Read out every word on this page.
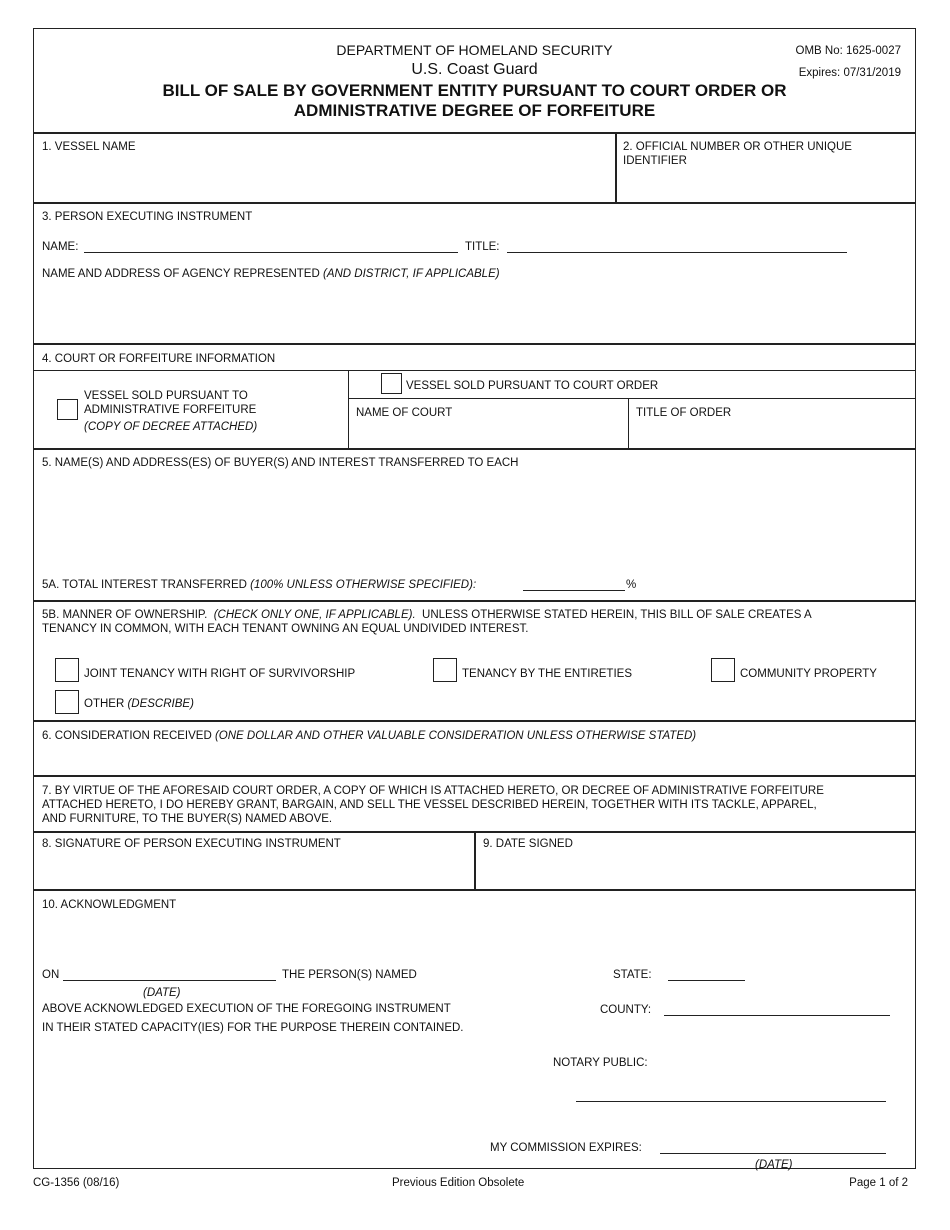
DEPARTMENT OF HOMELAND SECURITY
U.S. Coast Guard
BILL OF SALE BY GOVERNMENT ENTITY PURSUANT TO COURT ORDER OR
ADMINISTRATIVE DEGREE OF FORFEITURE
OMB No: 1625-0027
Expires: 07/31/2019
1. VESSEL NAME	2. OFFICIAL NUMBER OR OTHER UNIQUE
IDENTIFIER
3. PERSON EXECUTING INSTRUMENT
NAME:	TITLE:
NAME AND ADDRESS OF AGENCY REPRESENTED (AND DISTRICT, IF APPLICABLE)
4. COURT OR FORFEITURE INFORMATION
VESSEL SOLD PURSUANT TO
ADMINISTRATIVE FORFEITURE
(COPY OF DECREE ATTACHED)
VESSEL SOLD PURSUANT TO COURT ORDER
NAME OF COURT	TITLE OF ORDER
5. NAME(S) AND ADDRESS(ES) OF BUYER(S) AND INTEREST TRANSFERRED TO EACH
5A. TOTAL INTEREST TRANSFERRED (100% UNLESS OTHERWISE SPECIFIED):	%
5B. MANNER OF OWNERSHIP. (CHECK ONLY ONE, IF APPLICABLE). UNLESS OTHERWISE STATED HEREIN, THIS BILL OF SALE CREATES A
TENANCY IN COMMON, WITH EACH TENANT OWNING AN EQUAL UNDIVIDED INTEREST.
JOINT TENANCY WITH RIGHT OF SURVIVORSHIP	TENANCY BY THE ENTIRETIES	COMMUNITY PROPERTY
OTHER (DESCRIBE)
6. CONSIDERATION RECEIVED (ONE DOLLAR AND OTHER VALUABLE CONSIDERATION UNLESS OTHERWISE STATED)
7. BY VIRTUE OF THE AFORESAID COURT ORDER, A COPY OF WHICH IS ATTACHED HERETO, OR DECREE OF ADMINISTRATIVE FORFEITURE
ATTACHED HERETO, I DO HEREBY GRANT, BARGAIN, AND SELL THE VESSEL DESCRIBED HEREIN, TOGETHER WITH ITS TACKLE, APPAREL,
AND FURNITURE, TO THE BUYER(S) NAMED ABOVE.
8. SIGNATURE OF PERSON EXECUTING INSTRUMENT	9. DATE SIGNED
10. ACKNOWLEDGMENT
ON	THE PERSON(S) NAMED
(DATE)
ABOVE ACKNOWLEDGED EXECUTION OF THE FOREGOING INSTRUMENT
IN THEIR STATED CAPACITY(IES) FOR THE PURPOSE THEREIN CONTAINED.
STATE:
COUNTY:
NOTARY PUBLIC:
MY COMMISSION EXPIRES:
(DATE)
CG-1356 (08/16)	Previous Edition Obsolete	Page 1 of 2
